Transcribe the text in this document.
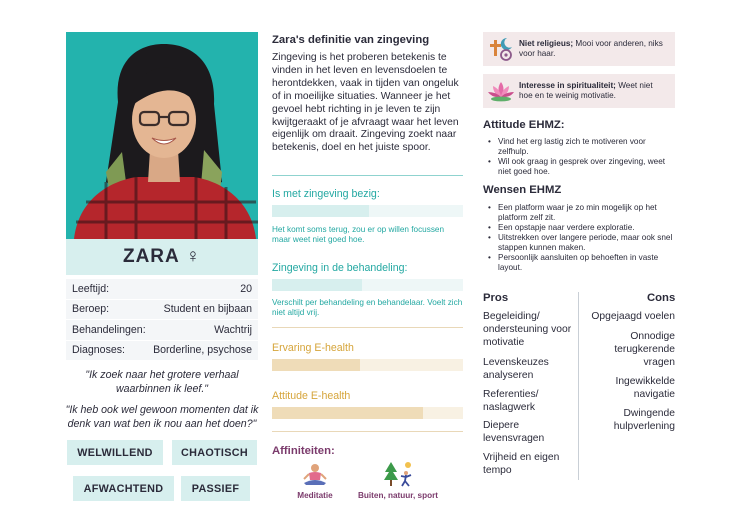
ZARA ♀
Leeftijd:	20
Beroep:	Student en bijbaan
Behandelingen:	Wachtrij
Diagnoses:	Borderline, psychose
"Ik zoek naar het grotere verhaal waarbinnen ik leef."
"Ik heb ook wel gewoon momenten dat ik denk van wat ben ik nou aan het doen?"
WELWILLEND	CHAOTISCH
AFWACHTEND	PASSIEF
Zara's definitie van zingeving
Zingeving is het proberen betekenis te vinden in het leven en levensdoelen te herontdekken, vaak in tijden van ongeluk of in moeilijke situaties. Wanneer je het gevoel hebt richting in je leven te zijn kwijtgeraakt of je afvraagt waar het leven eigenlijk om draait. Zingeving zoekt naar betekenis, doel en het juiste spoor.
Is met zingeving bezig:
Het komt soms terug, zou er op willen focussen maar weet niet goed hoe.
Zingeving in de behandeling:
Verschilt per behandeling en behandelaar. Voelt zich niet altijd vrij.
Ervaring E-health
Attitude E-health
Affiniteiten:
Meditatie	Buiten, natuur, sport
Niet religieus; Mooi voor anderen, niks voor haar.
Interesse in spiritualiteit; Weet niet hoe en te weinig motivatie.
Attitude EHMZ:
• Vind het erg lastig zich te motiveren voor zelfhulp.
• Wil ook graag in gesprek over zingeving, weet niet goed hoe.
Wensen EHMZ
• Een platform waar je zo min mogelijk op het platform zelf zit.
• Een opstapje naar verdere exploratie.
• Uitstrekken over langere periode, maar ook snel stappen kunnen maken.
• Persoonlijk aansluiten op behoeften in vaste layout.
Pros	Cons
Begeleiding/ ondersteuning voor motivatie
Levenskeuzes analyseren
Referenties/ naslagwerk
Diepere levensvragen
Vrijheid en eigen tempo
Opgejaagd voelen
Onnodige terugkerende vragen
Ingewikkelde navigatie
Dwingende hulpverlening
